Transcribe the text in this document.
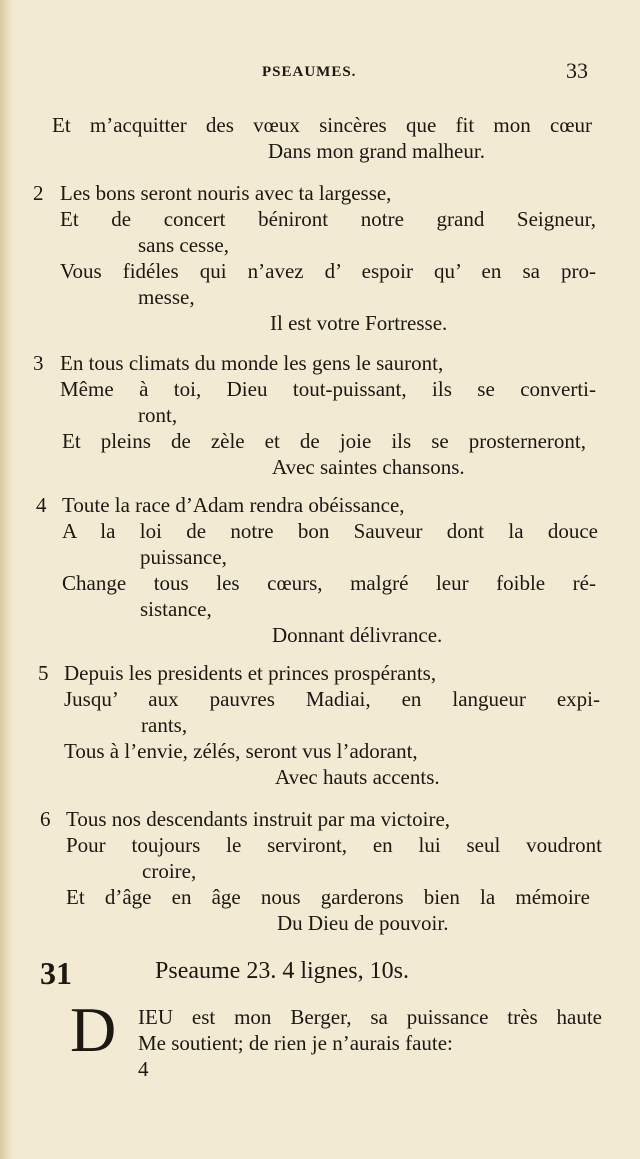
PSEAUMES.	33
Et m’acquitter des vœux sincères que fit mon cœur
Dans mon grand malheur.
2 Les bons seront nouris avec ta largesse,
Et de concert béniront notre grand Seigneur,
sans cesse,
Vous fidéles qui n’avez d’ espoir qu’ en sa pro-
messe,
Il est votre Fortresse.
3 En tous climats du monde les gens le sauront,
Même à toi, Dieu tout-puissant, ils se converti-
ront,
Et pleins de zèle et de joie ils se prosterneront,
Avec saintes chansons.
4 Toute la race d’Adam rendra obéissance,
A la loi de notre bon Sauveur dont la douce
puissance,
Change tous les cœurs, malgré leur foible ré-
sistance,
Donnant délivrance.
5 Depuis les presidents et princes prospérants,
Jusqu’ aux pauvres Madiai, en langueur expi-
rants,
Tous à l’envie, zélés, seront vus l’adorant,
Avec hauts accents.
6 Tous nos descendants instruit par ma victoire,
Pour toujours le serviront, en lui seul voudront
croire,
Et d’âge en âge nous garderons bien la mémoire
Du Dieu de pouvoir.
31	Pseaume 23. 4 lignes, 10s.
D IEU est mon Berger, sa puissance très haute
Me soutient; de rien je n’aurais faute:
4
